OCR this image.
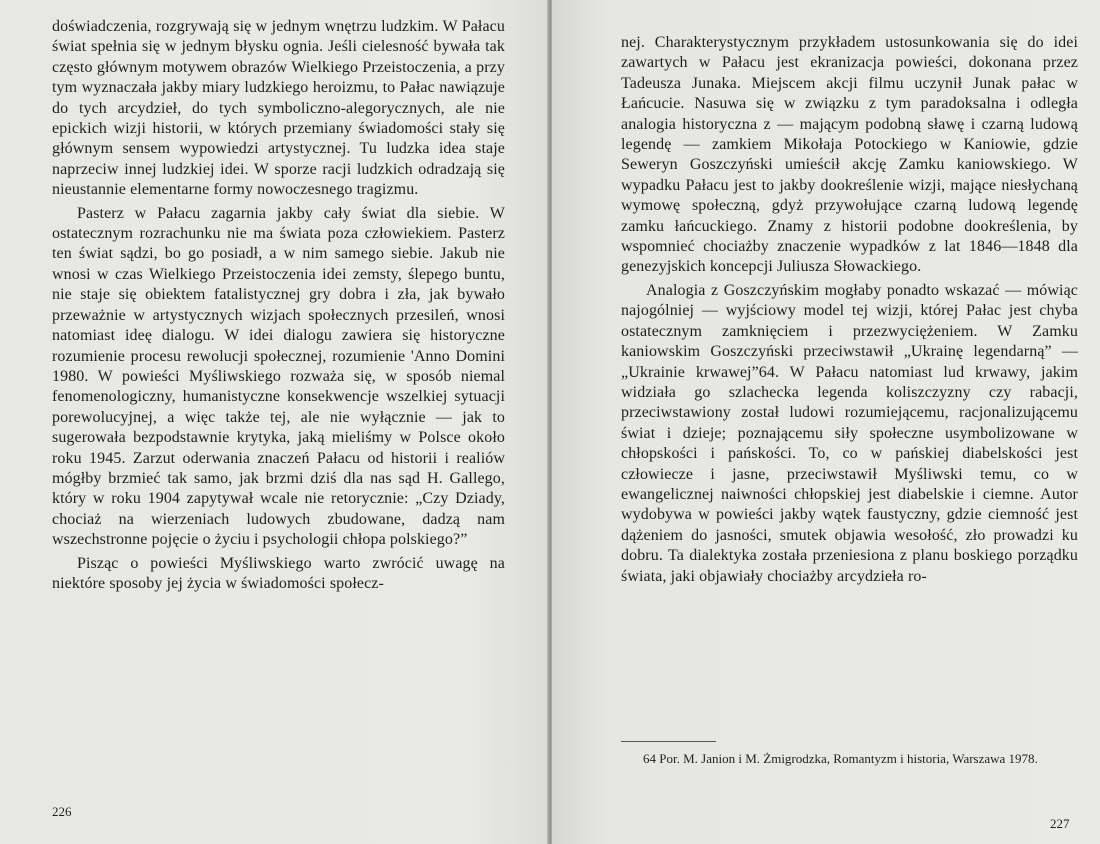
doświadczenia, rozgrywają się w jednym wnętrzu ludzkim. W Pałacu świat spełnia się w jednym błysku ognia. Jeśli cielesność bywała tak często głównym motywem obrazów Wielkiego Przeistoczenia, a przy tym wyznaczała jakby miary ludzkiego heroizmu, to Pałac nawiązuje do tych arcydzieł, do tych symboliczno-alegorycznych, ale nie epickich wizji historii, w których przemiany świadomości stały się głównym sensem wypowiedzi artystycznej. Tu ludzka idea staje naprzeciw innej ludzkiej idei. W sporze racji ludzkich odradzają się nieustannie elementarne formy nowoczesnego tragizmu.

Pasterz w Pałacu zagarnia jakby cały świat dla siebie. W ostatecznym rozrachunku nie ma świata poza człowiekiem. Pasterz ten świat sądzi, bo go posiadł, a w nim samego siebie. Jakub nie wnosi w czas Wielkiego Przeistoczenia idei zemsty, ślepego buntu, nie staje się obiektem fatalistycznej gry dobra i zła, jak bywało przeważnie w artystycznych wizjach społecznych przesileń, wnosi natomiast ideę dialogu. W idei dialogu zawiera się historyczne rozumienie procesu rewolucji społecznej, rozumienie 'Anno Domini 1980. W powieści Myśliwskiego rozważa się, w sposób niemal fenomenologiczny, humanistyczne konsekwencje wszelkiej sytuacji porewolucyjnej, a więc także tej, ale nie wyłącznie — jak to sugerowała bezpodstawnie krytyka, jaką mieliśmy w Polsce około roku 1945. Zarzut oderwania znaczeń Pałacu od historii i realiów mógłby brzmieć tak samo, jak brzmi dziś dla nas sąd H. Gallego, który w roku 1904 zapytywał wcale nie retorycznie: „Czy Dziady, chociaż na wierzeniach ludowych zbudowane, dadzą nam wszechstronne pojęcie o życiu i psychologii chłopa polskiego?”

Pisząc o powieści Myśliwskiego warto zwrócić uwagę na niektóre sposoby jej życia w świadomości społecz-

226

nej. Charakterystycznym przykładem ustosunkowania się do idei zawartych w Pałacu jest ekranizacja powieści, dokonana przez Tadeusza Junaka. Miejscem akcji filmu uczynił Junak pałac w Łańcucie. Nasuwa się w związku z tym paradoksalna i odległa analogia historyczna z — mającym podobną sławę i czarną ludową legendę — zamkiem Mikołaja Potockiego w Kaniowie, gdzie Seweryn Goszczyński umieścił akcję Zamku kaniowskiego. W wypadku Pałacu jest to jakby dookreślenie wizji, mające niesłychaną wymowę społeczną, gdyż przywołujące czarną ludową legendę zamku łańcuckiego. Znamy z historii podobne dookreślenia, by wspomnieć chociażby znaczenie wypadków z lat 1846—1848 dla genezyjskich koncepcji Juliusza Słowackiego.

Analogia z Goszczyńskim mogłaby ponadto wskazać — mówiąc najogólniej — wyjściowy model tej wizji, której Pałac jest chyba ostatecznym zamknięciem i przezwyciężeniem. W Zamku kaniowskim Goszczyński przeciwstawił „Ukrainę legendarną” — „Ukrainie krwawej”64. W Pałacu natomiast lud krwawy, jakim widziała go szlachecka legenda koliszczyzny czy rabacji, przeciwstawiony został ludowi rozumiejącemu, racjonalizującemu świat i dzieje; poznającemu siły społeczne usymbolizowane w chłopskości i pańskości. To, co w pańskiej diabelskości jest człowiecze i jasne, przeciwstawił Myśliwski temu, co w ewangelicznej naiwności chłopskiej jest diabelskie i ciemne. Autor wydobywa w powieści jakby wątek faustyczny, gdzie ciemność jest dążeniem do jasności, smutek objawia wesołość, zło prowadzi ku dobru. Ta dialektyka została przeniesiona z planu boskiego porządku świata, jaki objawiały chociażby arcydzieła ro-

64 Por. M. Janion i M. Żmigrodzka, Romantyzm i historia, Warszawa 1978.
227
